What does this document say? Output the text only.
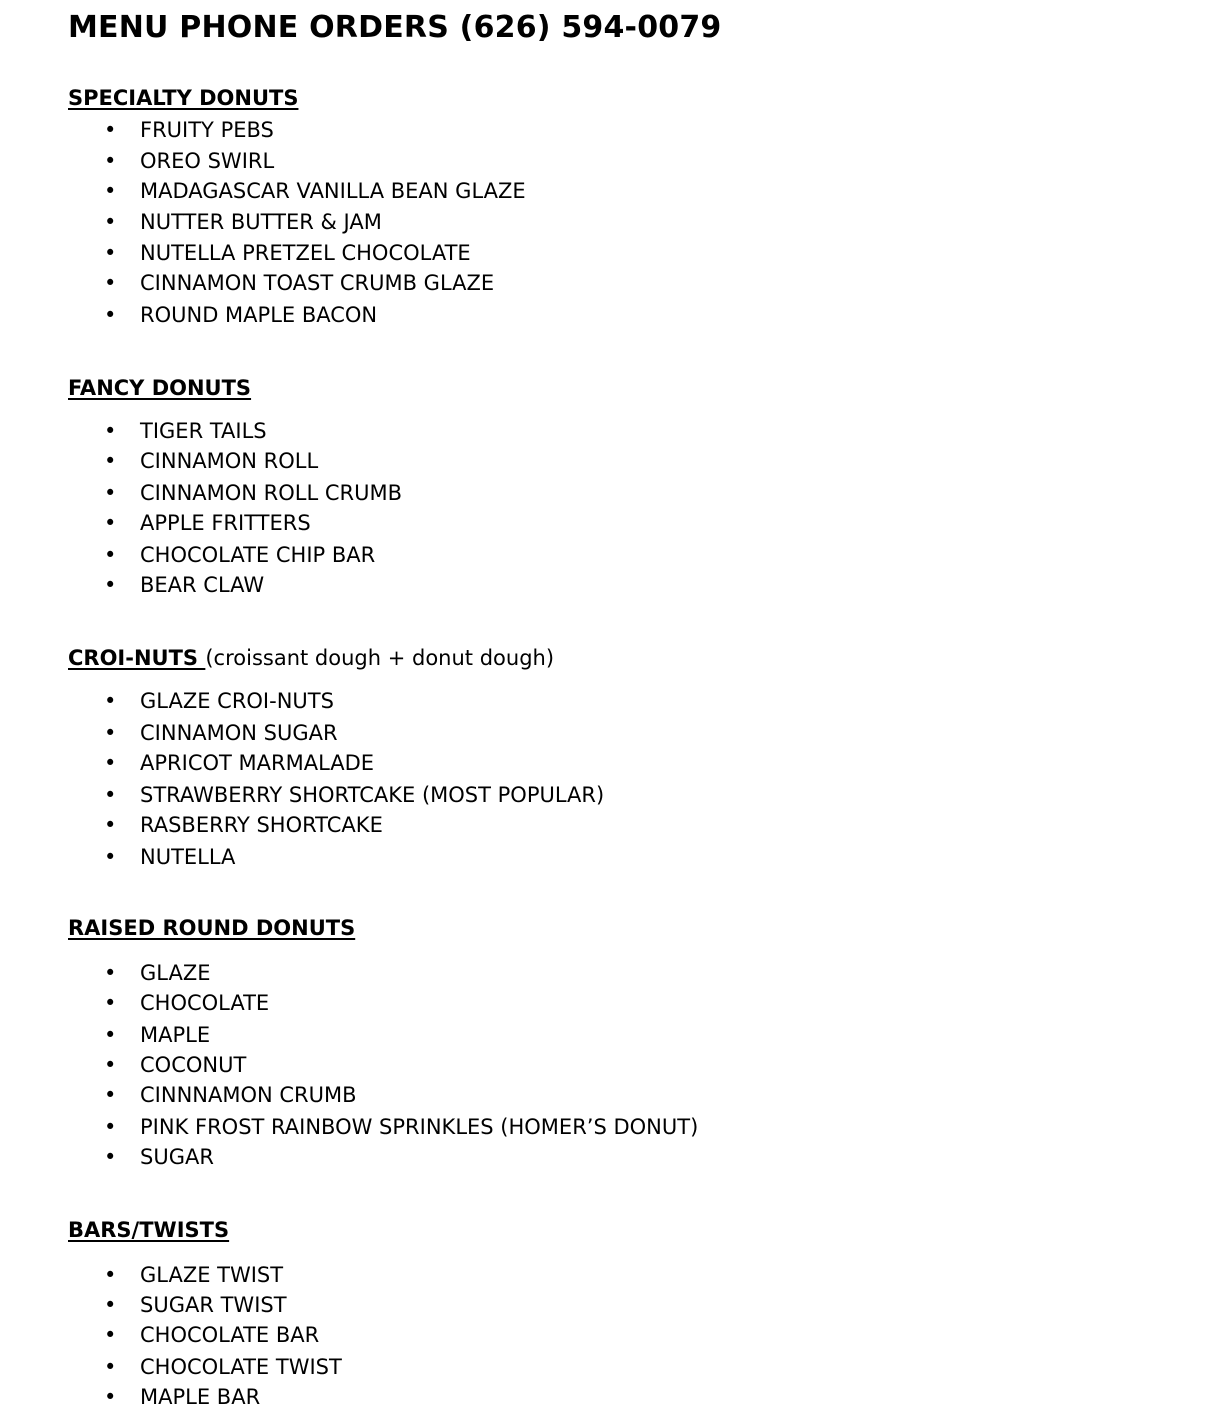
MENU PHONE ORDERS (626) 594-0079
SPECIALTY DONUTS
• FRUITY PEBS
• OREO SWIRL
• MADAGASCAR VANILLA BEAN GLAZE
• NUTTER BUTTER & JAM
• NUTELLA PRETZEL CHOCOLATE
• CINNAMON TOAST CRUMB GLAZE
• ROUND MAPLE BACON
FANCY DONUTS
• TIGER TAILS
• CINNAMON ROLL
• CINNAMON ROLL CRUMB
• APPLE FRITTERS
• CHOCOLATE CHIP BAR
• BEAR CLAW
CROI-NUTS (croissant dough + donut dough)
• GLAZE CROI-NUTS
• CINNAMON SUGAR
• APRICOT MARMALADE
• STRAWBERRY SHORTCAKE (MOST POPULAR)
• RASBERRY SHORTCAKE
• NUTELLA
RAISED ROUND DONUTS
• GLAZE
• CHOCOLATE
• MAPLE
• COCONUT
• CINNNAMON CRUMB
• PINK FROST RAINBOW SPRINKLES (HOMER’S DONUT)
• SUGAR
BARS/TWISTS
• GLAZE TWIST
• SUGAR TWIST
• CHOCOLATE BAR
• CHOCOLATE TWIST
• MAPLE BAR
